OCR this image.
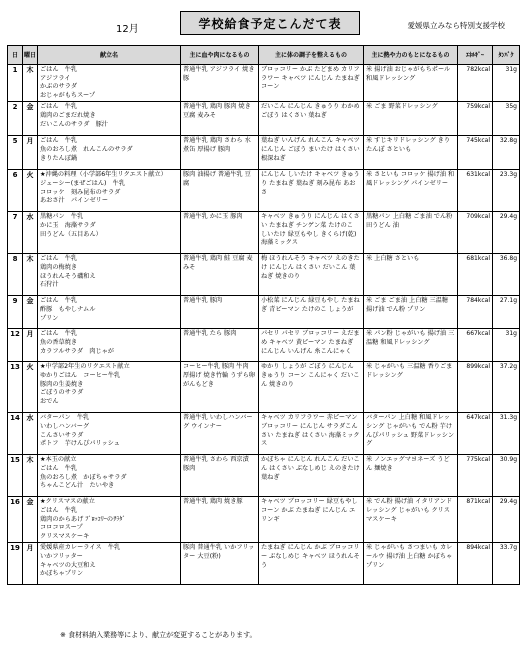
12月	学校給食予定こんだて表	愛媛県立みなら特別支援学校
日	曜日	献立名	主に血や肉になるもの	主に体の調子を整えるもの	主に熱や力のもとになるもの	ｴﾈﾙｷﾞｰ	ﾀﾝﾊﾟｸ
1	木	ごはん　牛乳
アジフライ
かぶのサラダ
おじゃがもちスープ	普通牛乳 アジフライ 焼き豚	ブロッコリー かぶ たどまめ カリフラワー キャベツ にんじん たまねぎ コーン	米 揚げ油 おじゃがもちポール 和風ドレッシング	782kcal	31g
2	金	ごはん　牛乳
鶏肉のごまだれ焼き
だいこんのサラダ　豚汁	普通牛乳 鶏肉 豚肉 焼き豆腐 麦みそ	だいこん にんじん きゅうり わかめ ごぼう はくさい 葉ねぎ	米 ごま 野菜ドレッシング	759kcal	35g
5	月	ごはん　牛乳
魚のおろし煮　れんこんのサラダ
きりたんぽ鍋	普通牛乳 鶏肉 さわら 水煮缶 厚揚げ 豚肉	葉ねぎ いんげん れんこん キャベツ にんじん ごぼう まいたけ はくさい 根深ねぎ	米 すじキリドレッシング きりたんぽ さといも	745kcal	32.8g
6	火	★沖縄の料理（小学部6年生リクエスト献立）
ジューシー(まぜごはん)　牛乳
コロッケ　刻み昆布のサラダ
あおさ汁　パインゼリー	豚肉 油揚げ 普通牛乳 豆腐	にんじん しいたけ キャベツ きゅうり たまねぎ 葉ねぎ 刻み昆布 あおさ	米 さといも コロッケ 揚げ油 和風ドレッシング パインゼリー	631kcal	23.3g
7	水	黒糖パン　牛乳
かに玉　海藻サラダ
田うどん（五目あん）	普通牛乳 かに玉 豚肉	キャベツ きゅうり にんじん はくさい たまねぎ チンゲン菜 たけのこ しいたけ 緑豆もやし きくらげ(乾) 海藻ミックス	黒糖パン 上白糖 ごま油 でん粉 田うどん 油	709kcal	29.4g
8	木	ごはん　牛乳
鶏肉の梅焼き
ほうれんそう磯和え
石狩汁	普通牛乳 鶏肉 鮭 豆腐 麦みそ	梅 ほうれんそう キャベツ えのきたけ にんじん はくさい だいこん 葉ねぎ 焼きのり	米 上白糖 さといも	681kcal	36.8g
9	金	ごはん　牛乳
酢豚　もやしナムル
プリン	普通牛乳 豚肉	小松菜 にんじん 緑豆もやし たまねぎ 青ピーマン たけのこ しょうが	米 ごま ごま油 上白糖 三温糖 揚げ油 でん粉 プリン	784kcal	27.1g
12	月	ごはん　牛乳
魚の香草焼き
カラフルサラダ　肉じゃが	普通牛乳 たら 豚肉	パセリ パセリ ブロッコリー えだまめ キャベツ 黄ピーマン たまねぎ にんじん いんげん 糸こんにゃく	米 パン粉 じゃがいも 揚げ油 三温糖 和風ドレッシング	667kcal	31g
13	火	★中学部2年生のリクエスト献立
ゆかりごはん　コーヒー牛乳
豚肉の生姜焼き
ごぼうのサラダ
おでん	コーヒー牛乳 豚肉 牛肉 厚揚げ 焼き竹輪 うずら卵 がんもどき	ゆかり しょうが ごぼう にんじん きゅうり コーン こんにゃく だいこん 焼きのり	米 じゃがいも 三温糖 香りごまドレッシング	899kcal	37.2g
14	水	バターパン　牛乳
いわしハンバーグ
こんさいサラダ
ポトフ　芋けんぴパリッシュ	普通牛乳 いわしハンバーグ ウインナー	キャベツ カリフラワー 赤ピーマン ブロッコリー にんじん サラダこんさい たまねぎ はくさい 海藻ミックス	バターパン 上白糖 和風ドレッシング じゃがいも でん粉 芋けんぴパリッシュ 野菜ドレッシング	647kcal	31.3g
15	木	★本玉の献立
ごはん　牛乳
魚のおろし煮　かぼちゃサラダ
ちゃんこどん汁　たいやき	普通牛乳 さわら 西京漬 豚肉	かぼちゃ にんじん れんこん だいこん はくさい ぶなしめじ えのきたけ 葉ねぎ	米 ノンエッグマヨネーズ うどん 麺焼き	775kcal	30.9g
16	金	★クリスマスの献立
ごはん　牛乳
鶏肉のからあげ ﾌﾞﾛｯｺﾘｰのｻﾗﾀﾞ
コロコロスープ
クリスマスケーキ	普通牛乳 鶏肉 焼き豚	キャベツ ブロッコリー 緑豆もやし コーン かぶ たまねぎ にんじん エリンギ	米 でん粉 揚げ油 イタリアンドレッシング じゃがいも クリスマスケーキ	871kcal	29.4g
19	月	愛媛県産カレーライス　牛乳
いかフリッター
キャベツの大豆和え
かぼちゃプリン	豚肉 普通牛乳 いかフリッター 大豆(粉)	たまねぎ にんじん かぶ ブロッコリー ぶなしめじ キャベツ ほうれんそう	米 じゃがいも さつまいも カレールウ 揚げ油 上白糖 かぼちゃプリン	894kcal	33.7g
※ 食材料納入業務等により、献立が変更することがあります。
